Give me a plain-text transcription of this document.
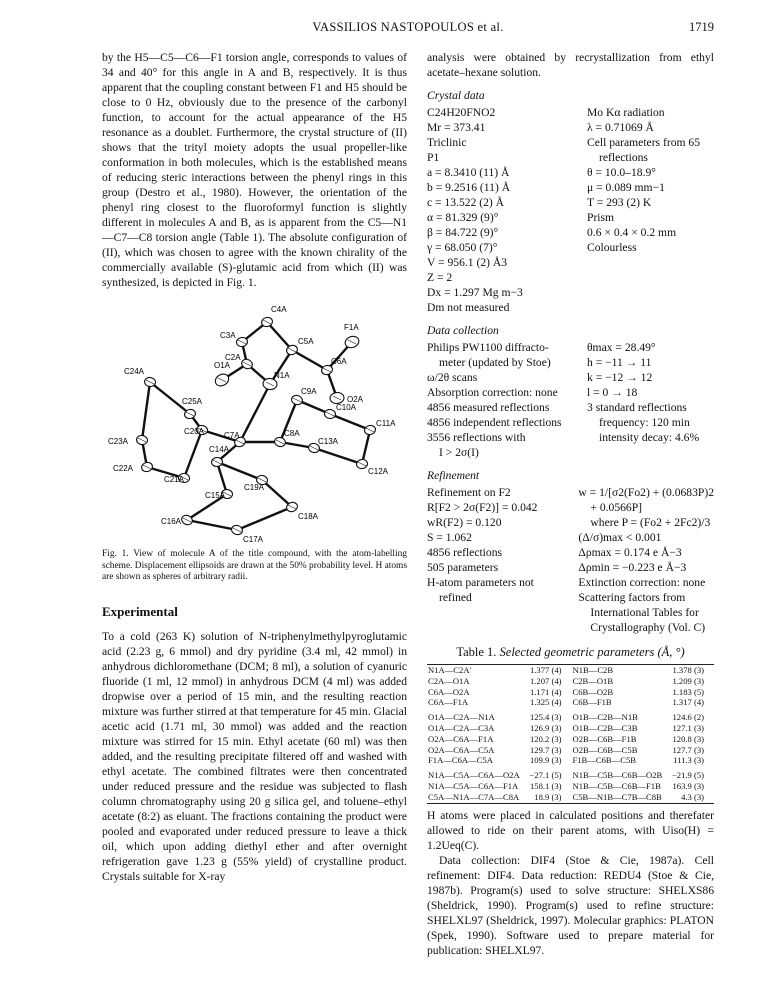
VASSILIOS NASTOPOULOS et al.	1719

by the H5—C5—C6—F1 torsion angle, corresponds to values of 34 and 40° for this angle in A and B, respectively. It is thus apparent that the coupling constant between F1 and H5 should be close to 0 Hz, obviously due to the presence of the carbonyl function, to account for the actual appearance of the H5 resonance as a doublet. Furthermore, the crystal structure of (II) shows that the trityl moiety adopts the usual propeller-like conformation in both molecules, which is the established means of reducing steric interactions between the phenyl rings in this group (Destro et al., 1980). However, the orientation of the phenyl ring closest to the fluoroformyl function is slightly different in molecules A and B, as is apparent from the C5—N1—C7—C8 torsion angle (Table 1). The absolute configuration of (II), which was chosen to agree with the known chirality of the commercially available (S)-glutamic acid from which (II) was synthesized, is depicted in Fig. 1.

C4A
C3A
F1A
C5A
C6A
C2A
O1A
C24A	N1A
O2A
C9A
C10A
C25A
C20A
C11A
C23A
C7A	C8A
C13A
C14A
C22A	C12A
C21A
C19A
C15A
C18A
C16A
C17A

Fig. 1. View of molecule A of the title compound, with the atom-labelling scheme. Displacement ellipsoids are drawn at the 50% probability level. H atoms are shown as spheres of arbitrary radii.

Experimental

To a cold (263 K) solution of N-triphenylmethylpyroglutamic acid (2.23 g, 6 mmol) and dry pyridine (3.4 ml, 42 mmol) in anhydrous dichloromethane (DCM; 8 ml), a solution of cyanuric fluoride (1 ml, 12 mmol) in anhydrous DCM (4 ml) was added dropwise over a period of 15 min, and the resulting reaction mixture was further stirred at that temperature for 45 min. Glacial acetic acid (1.71 ml, 30 mmol) was added and the reaction mixture was stirred for 15 min. Ethyl acetate (60 ml) was then added, and the resulting precipitate filtered off and washed with ethyl acetate. The combined filtrates were then concentrated under reduced pressure and the residue was subjected to flash column chromatography using 20 g silica gel, and toluene–ethyl acetate (8:2) as eluant. The fractions containing the product were pooled and evaporated under reduced pressure to leave a thick oil, which upon adding diethyl ether and after overnight refrigeration gave 1.23 g (55% yield) of crystalline product. Crystals suitable for X-ray

analysis were obtained by recrystallization from ethyl acetate–hexane solution.

Crystal data
C24H20FNO2
Mr = 373.41
Triclinic
P1
a = 8.3410 (11) Å
b = 9.2516 (11) Å
c = 13.522 (2) Å
α = 81.329 (9)°
β = 84.722 (9)°
γ = 68.050 (7)°
V = 956.1 (2) Å3
Z = 2
Dx = 1.297 Mg m−3
Dm not measured
Mo Kα radiation
λ = 0.71069 Å
Cell parameters from 65
reflections
θ = 10.0–18.9°
μ = 0.089 mm−1
T = 293 (2) K
Prism
0.6 × 0.4 × 0.2 mm
Colourless
Data collection
Philips PW1100 diffracto-
meter (updated by Stoe)
ω/2θ scans
Absorption correction: none
4856 measured reflections
4856 independent reflections
3556 reflections with
I > 2σ(I)
θmax = 28.49°
h = −11 → 11
k = −12 → 12
l = 0 → 18
3 standard reflections
frequency: 120 min
intensity decay: 4.6%
Refinement
Refinement on F2
R[F2 > 2σ(F2)] = 0.042
wR(F2) = 0.120
S = 1.062
4856 reflections
505 parameters
H-atom parameters not
refined
w = 1/[σ2(Fo2) + (0.0683P)2
+ 0.0566P]
where P = (Fo2 + 2Fc2)/3
(Δ/σ)max < 0.001
Δρmax = 0.174 e Å−3
Δρmin = −0.223 e Å−3
Extinction correction: none
Scattering factors from
International Tables for
Crystallography (Vol. C)
Table 1. Selected geometric parameters (Å, °)
N1A—C2A'	1.377 (4)	N1B—C2B	1.378 (3)
C2A—O1A	1.207 (4)	C2B—O1B	1.209 (3)
C6A—O2A	1.171 (4)	C6B—O2B	1.183 (5)
C6A—F1A	1.325 (4)	C6B—F1B	1.317 (4)
O1A—C2A—N1A	125.4 (3)	O1B—C2B—N1B	124.6 (2)
O1A—C2A—C3A	126.9 (3)	O1B—C2B—C3B	127.1 (3)
O2A—C6A—F1A	120.2 (3)	O2B—C6B—F1B	120.8 (3)
O2A—C6A—C5A	129.7 (3)	O2B—C6B—C5B	127.7 (3)
F1A—C6A—C5A	109.9 (3)	F1B—C6B—C5B	111.3 (3)
N1A—C5A—C6A—O2A	−27.1 (5)	N1B—C5B—C6B—O2B	−21.9 (5)
N1A—C5A—C6A—F1A	158.1 (3)	N1B—C5B—C6B—F1B	163.9 (3)
C5A—N1A—C7A—C8A	18.9 (3)	C5B—N1B—C7B—C8B	4.3 (3)

H atoms were placed in calculated positions and therefater allowed to ride on their parent atoms, with Uiso(H) = 1.2Ueq(C).

Data collection: DIF4 (Stoe & Cie, 1987a). Cell refinement: DIF4. Data reduction: REDU4 (Stoe & Cie, 1987b). Program(s) used to solve structure: SHELXS86 (Sheldrick, 1990). Program(s) used to refine structure: SHELXL97 (Sheldrick, 1997). Molecular graphics: PLATON (Spek, 1990). Software used to prepare material for publication: SHELXL97.
